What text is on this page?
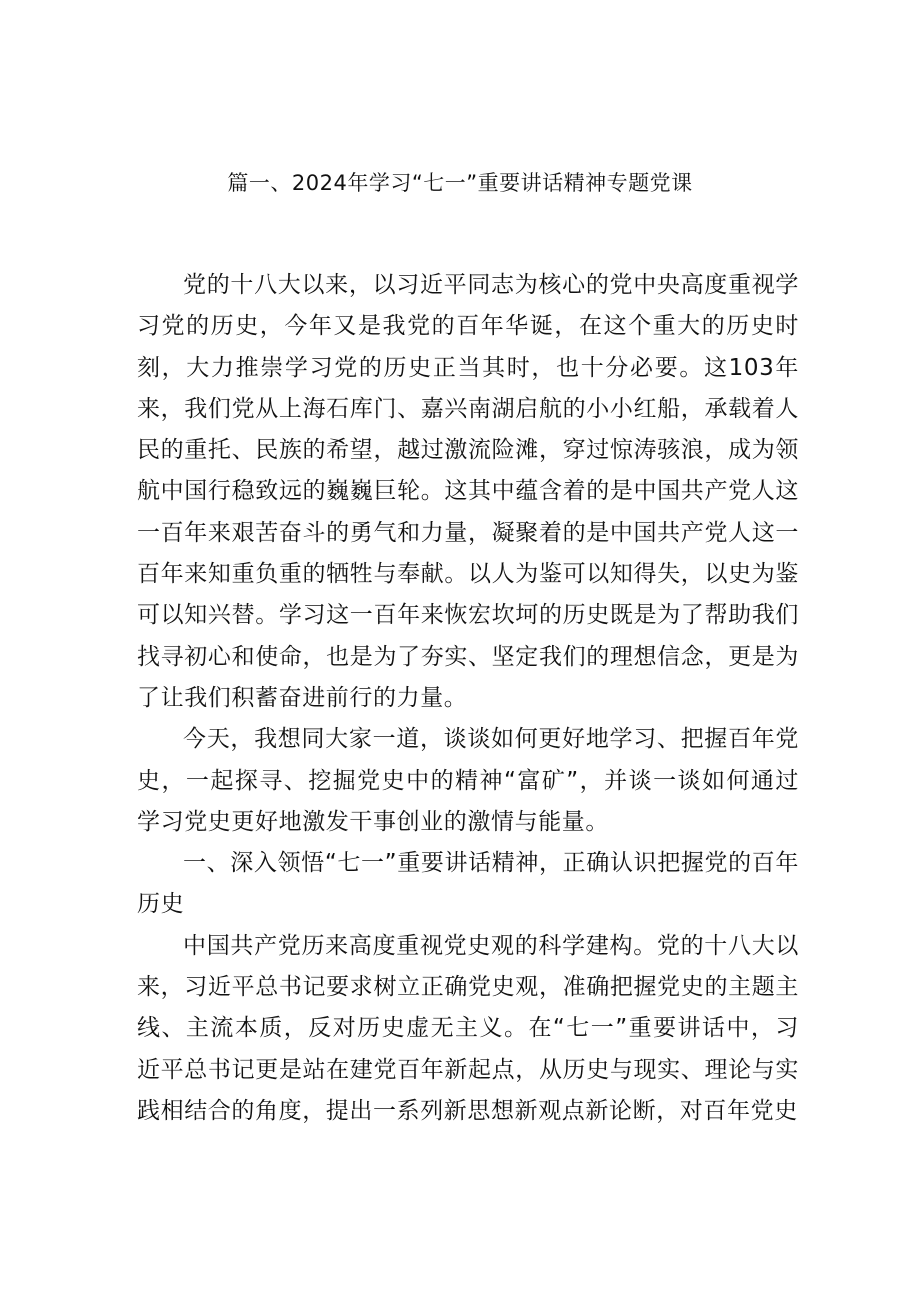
篇一、2024年学习“七一”重要讲话精神专题党课

党的十八大以来，以习近平同志为核心的党中央高度重视学习党的历史，今年又是我党的百年华诞，在这个重大的历史时刻，大力推崇学习党的历史正当其时，也十分必要。这103年来，我们党从上海石库门、嘉兴南湖启航的小小红船，承载着人民的重托、民族的希望，越过激流险滩，穿过惊涛骇浪，成为领航中国行稳致远的巍巍巨轮。这其中蕴含着的是中国共产党人这一百年来艰苦奋斗的勇气和力量，凝聚着的是中国共产党人这一百年来知重负重的牺牲与奉献。以人为鉴可以知得失，以史为鉴可以知兴替。学习这一百年来恢宏坎坷的历史既是为了帮助我们找寻初心和使命，也是为了夯实、坚定我们的理想信念，更是为了让我们积蓄奋进前行的力量。

今天，我想同大家一道，谈谈如何更好地学习、把握百年党史，一起探寻、挖掘党史中的精神“富矿”，并谈一谈如何通过学习党史更好地激发干事创业的激情与能量。

一、深入领悟“七一”重要讲话精神，正确认识把握党的百年历史

中国共产党历来高度重视党史观的科学建构。党的十八大以来，习近平总书记要求树立正确党史观，准确把握党史的主题主线、主流本质，反对历史虚无主义。在“七一”重要讲话中，习近平总书记更是站在建党百年新起点，从历史与现实、理论与实践相结合的角度，提出一系列新思想新观点新论断，对百年党史
